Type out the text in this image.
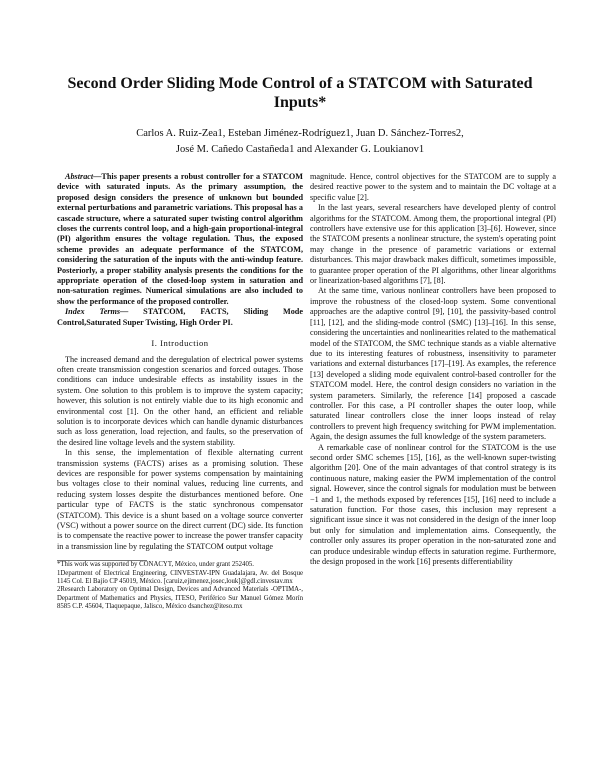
Second Order Sliding Mode Control of a STATCOM with Saturated Inputs*
Carlos A. Ruiz-Zea1, Esteban Jiménez-Rodríguez1, Juan D. Sánchez-Torres2,
José M. Cañedo Castañeda1 and Alexander G. Loukianov1

Abstract—This paper presents a robust controller for a STATCOM device with saturated inputs. As the primary assumption, the proposed design considers the presence of unknown but bounded external perturbations and parametric variations. This proposal has a cascade structure, where a saturated super twisting control algorithm closes the currents control loop, and a high-gain proportional-integral (PI) algorithm ensures the voltage regulation. Thus, the exposed scheme provides an adequate performance of the STATCOM, considering the saturation of the inputs with the anti-windup feature. Posteriorly, a proper stability analysis presents the conditions for the appropriate operation of the closed-loop system in saturation and non-saturation regimes. Numerical simulations are also included to show the performance of the proposed controller.

Index Terms— STATCOM, FACTS, Sliding Mode Control,Saturated Super Twisting, High Order PI.

I. Introduction

The increased demand and the deregulation of electrical power systems often create transmission congestion scenarios and forced outages. Those conditions can induce undesirable effects as instability issues in the system. One solution to this problem is to improve the system capacity; however, this solution is not entirely viable due to its high economic and environmental cost [1]. On the other hand, an efficient and reliable solution is to incorporate devices which can handle dynamic disturbances such as loss generation, load rejection, and faults, so the preservation of the desired line voltage levels and the system stability.

In this sense, the implementation of flexible alternating current transmission systems (FACTS) arises as a promising solution. These devices are responsible for power systems compensation by maintaining bus voltages close to their nominal values, reducing line currents, and reducing system losses despite the disturbances mentioned before. One particular type of FACTS is the static synchronous compensator (STATCOM). This device is a shunt based on a voltage source converter (VSC) without a power source on the direct current (DC) side. Its function is to compensate the reactive power to increase the power transfer capacity in a transmission line by regulating the STATCOM output voltage

*This work was supported by CONACYT, México, under grant 252405.

1Department of Electrical Engineering, CINVESTAV-IPN Guadalajara, Av. del Bosque 1145 Col. El Bajío CP 45019, México. [caruiz,ejimenez,josec,louk]@gdl.cinvestav.mx

2Research Laboratory on Optimal Design, Devices and Advanced Materials -OPTIMA-, Department of Mathematics and Physics, ITESO, Periférico Sur Manuel Gómez Morín 8585 C.P. 45604, Tlaquepaque, Jalisco, México dsanchez@iteso.mx

magnitude. Hence, control objectives for the STATCOM are to supply a desired reactive power to the system and to maintain the DC voltage at a specific value [2].

In the last years, several researchers have developed plenty of control algorithms for the STATCOM. Among them, the proportional integral (PI) controllers have extensive use for this application [3]–[6]. However, since the STATCOM presents a nonlinear structure, the system's operating point may change in the presence of parametric variations or external disturbances. This major drawback makes difficult, sometimes impossible, to guarantee proper operation of the PI algorithms, other linear algorithms or linearization-based algorithms [7], [8].

At the same time, various nonlinear controllers have been proposed to improve the robustness of the closed-loop system. Some conventional approaches are the adaptive control [9], [10], the passivity-based control [11], [12], and the sliding-mode control (SMC) [13]–[16]. In this sense, considering the uncertainties and nonlinearities related to the mathematical model of the STATCOM, the SMC technique stands as a viable alternative due to its interesting features of robustness, insensitivity to parameter variations and external disturbances [17]–[19]. As examples, the reference [13] developed a sliding mode equivalent control-based controller for the STATCOM model. Here, the control design considers no variation in the system parameters. Similarly, the reference [14] proposed a cascade controller. For this case, a PI controller shapes the outer loop, while saturated linear controllers close the inner loops instead of relay controllers to prevent high frequency switching for PWM implementation. Again, the design assumes the full knowledge of the system parameters.

A remarkable case of nonlinear control for the STATCOM is the use second order SMC schemes [15], [16], as the well-known super-twisting algorithm [20]. One of the main advantages of that control strategy is its continuous nature, making easier the PWM implementation of the control signal. However, since the control signals for modulation must be between −1 and 1, the methods exposed by references [15], [16] need to include a saturation function. For those cases, this inclusion may represent a significant issue since it was not considered in the design of the inner loop but only for simulation and implementation aims. Consequently, the controller only assures its proper operation in the non-saturated zone and can produce undesirable windup effects in saturation regime. Furthermore, the design proposed in the work [16] presents differentiability
